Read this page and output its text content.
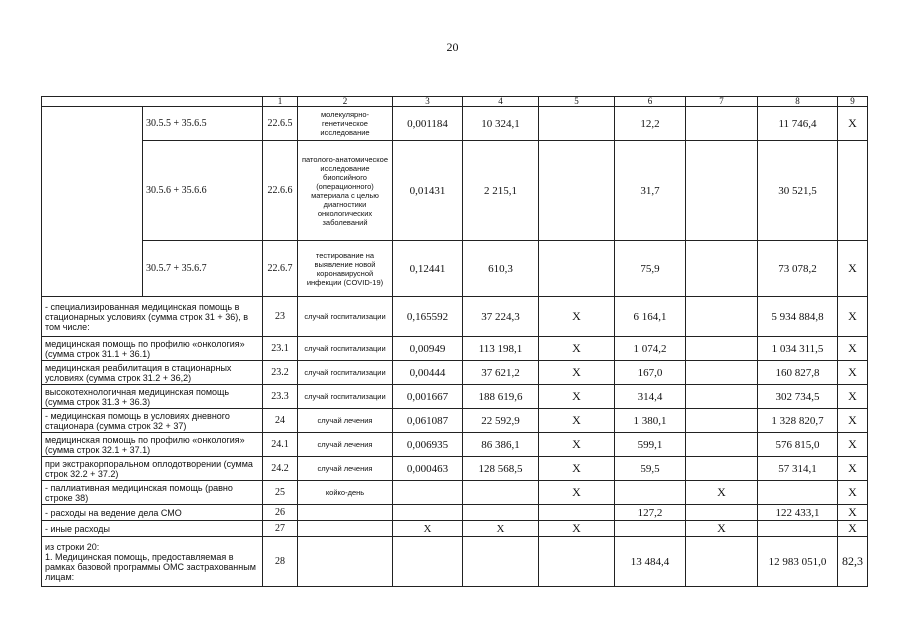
20
		1	2	3	4	5	6	7	8	9
	30.5.5 + 35.6.5	22.6.5	молекулярно-генетическое исследование	0,001184	10 324,1		12,2		11 746,4	X
	30.5.6 + 35.6.6	22.6.6	патолого-анатомическое исследование биопсийного (операционного) материала с целью диагностики онкологических заболеваний	0,01431	2 215,1		31,7		30 521,5	
	30.5.7 + 35.6.7	22.6.7	тестирование на выявление новой коронавирусной инфекции (COVID-19)	0,12441	610,3		75,9		73 078,2	X
- специализированная медицинская помощь в стационарных условиях (сумма строк 31 + 36), в том числе:		23	случай госпитализации	0,165592	37 224,3	X	6 164,1		5 934 884,8	X
медицинская помощь по профилю «онкология» (сумма строк 31.1 + 36.1)		23.1	случай госпитализации	0,00949	113 198,1	X	1 074,2		1 034 311,5	X
медицинская реабилитация в стационарных условиях (сумма строк 31.2 + 36,2)		23.2	случай госпитализации	0,00444	37 621,2	X	167,0		160 827,8	X
высокотехнологичная медицинская помощь (сумма строк 31.3 + 36.3)		23.3	случай госпитализации	0,001667	188 619,6	X	314,4		302 734,5	X
- медицинская помощь в условиях дневного стационара (сумма строк 32 + 37)		24	случай лечения	0,061087	22 592,9	X	1 380,1		1 328 820,7	X
медицинская помощь по профилю «онкология» (сумма строк 32.1 + 37.1)		24.1	случай лечения	0,006935	86 386,1	X	599,1		576 815,0	X
при экстракорпоральном оплодотворении (сумма строк 32.2 + 37.2)		24.2	случай лечения	0,000463	128 568,5	X	59,5		57 314,1	X
- паллиативная медицинская помощь (равно строке 38)		25	койко-день			X		X		X
- расходы на ведение дела СМО		26					127,2		122 433,1	X
- иные расходы		27		X	X	X		X		X
из строки 20:
1. Медицинская помощь, предоставляемая в рамках базовой программы ОМС застрахованным лицам:		28					13 484,4		12 983 051,0	82,3
